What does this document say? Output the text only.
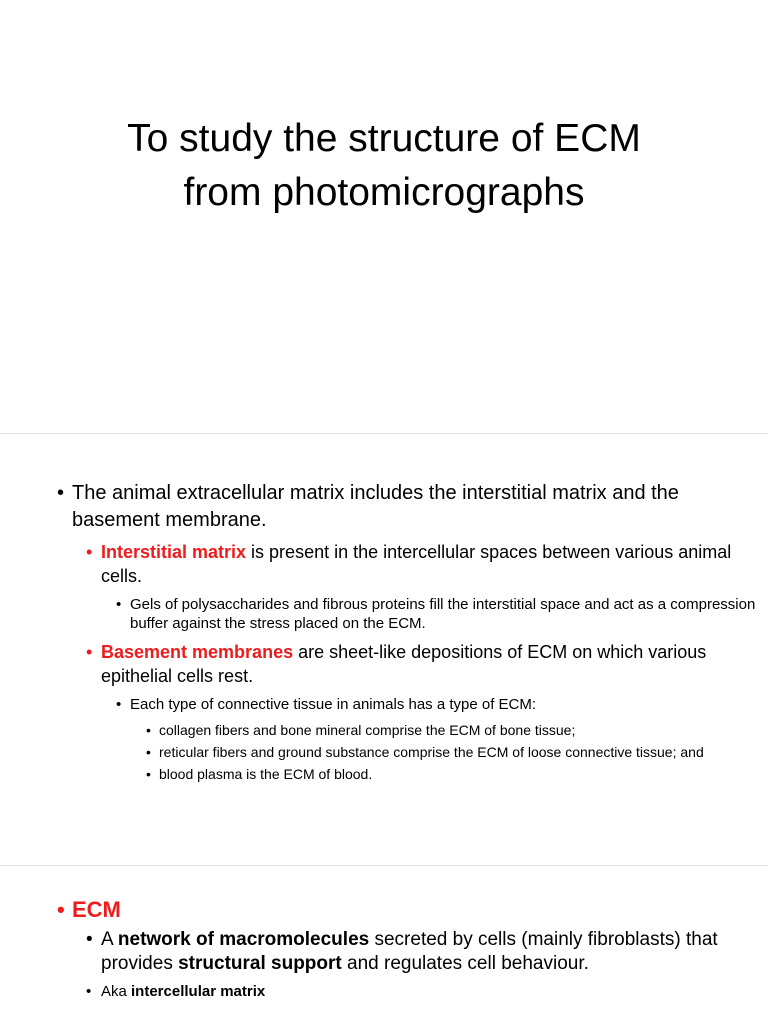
To study the structure of ECM
from photomicrographs
• The animal extracellular matrix includes the interstitial matrix and the basement membrane.
• Interstitial matrix is present in the intercellular spaces between various animal cells.
• Gels of polysaccharides and fibrous proteins fill the interstitial space and act as a compression buffer against the stress placed on the ECM.
• Basement membranes are sheet-like depositions of ECM on which various epithelial cells rest.
• Each type of connective tissue in animals has a type of ECM:
• collagen fibers and bone mineral comprise the ECM of bone tissue;
• reticular fibers and ground substance comprise the ECM of loose connective tissue; and
• blood plasma is the ECM of blood.
• ECM
• A network of macromolecules secreted by cells (mainly fibroblasts) that provides structural support and regulates cell behaviour.
• Aka intercellular matrix
